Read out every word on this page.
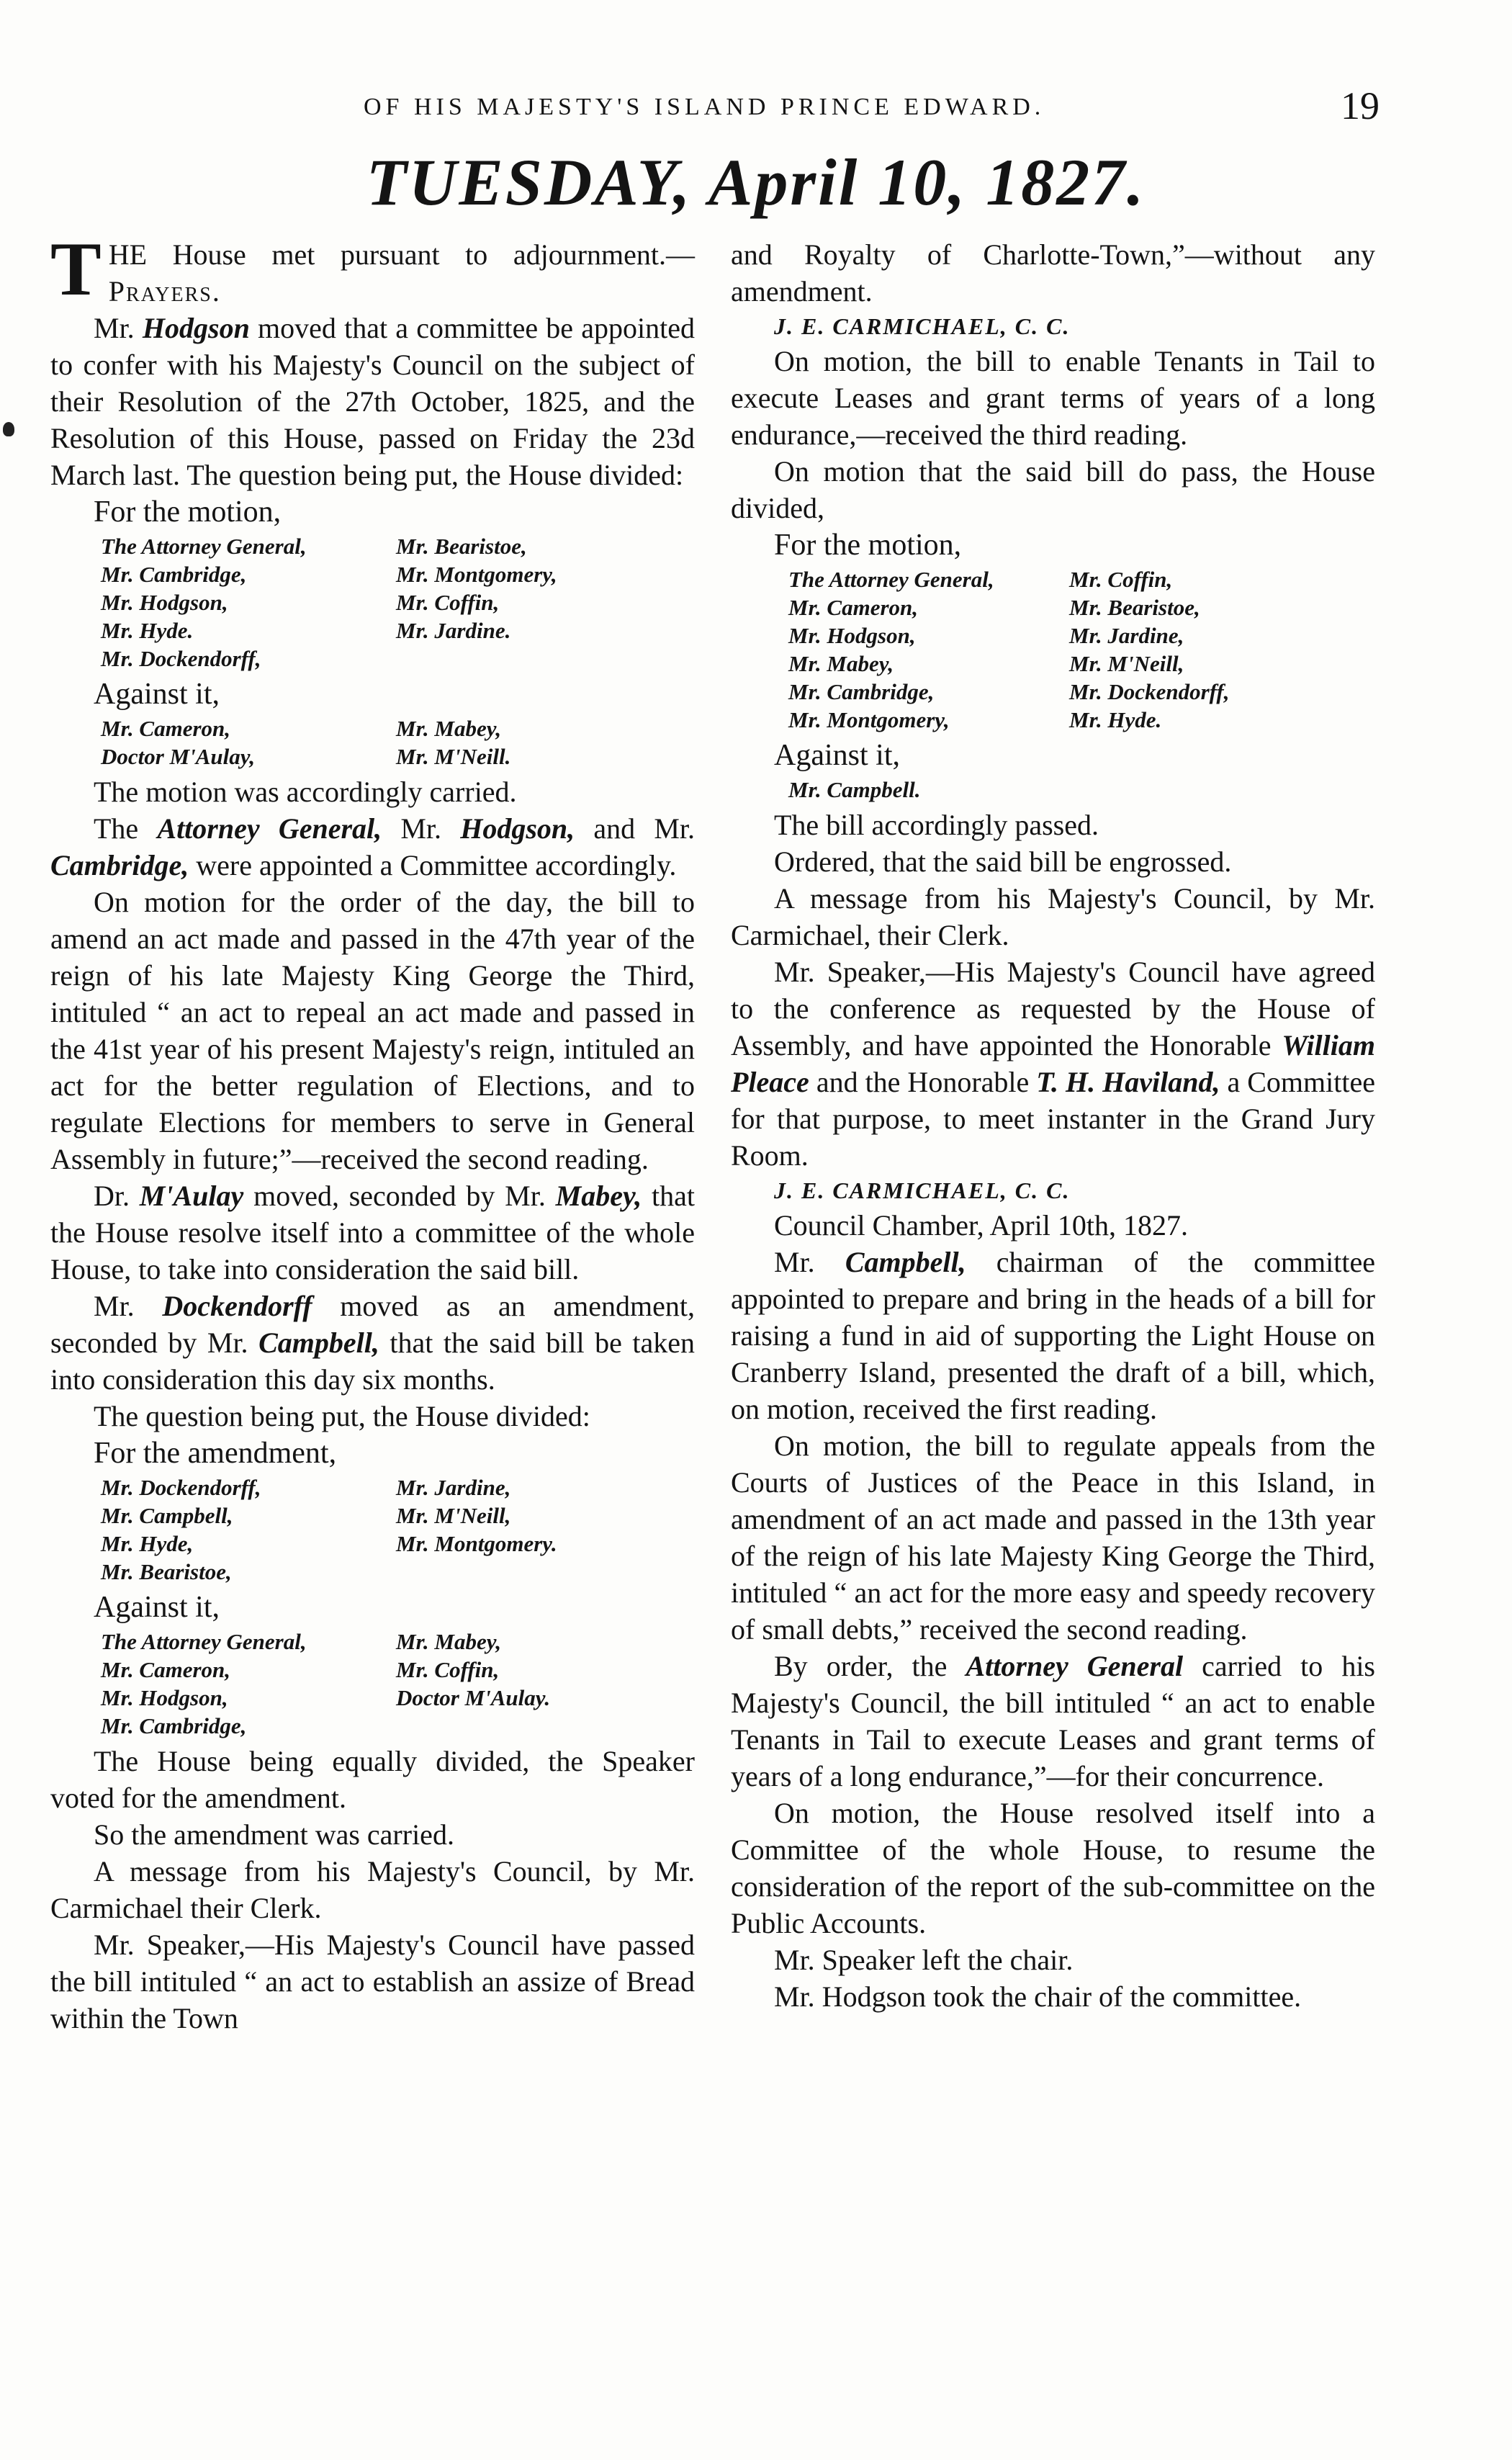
OF HIS MAJESTY'S ISLAND PRINCE EDWARD.	19
TUESDAY, April 10, 1827.

THE House met pursuant to adjournment.—Prayers.

Mr. Hodgson moved that a committee be appointed to confer with his Majesty's Council on the subject of their Resolution of the 27th October, 1825, and the Resolution of this House, passed on Friday the 23d March last. The question being put, the House divided:

For the motion,

The Attorney General,	Mr. Bearistoe,
Mr. Cambridge,	Mr. Montgomery,
Mr. Hodgson,	Mr. Coffin,
Mr. Hyde.	Mr. Jardine.
Mr. Dockendorff,

Against it,

Mr. Cameron,	Mr. Mabey,
Doctor M'Aulay,	Mr. M'Neill.

The motion was accordingly carried.

The Attorney General, Mr. Hodgson, and Mr. Cambridge, were appointed a Committee accordingly.

On motion for the order of the day, the bill to amend an act made and passed in the 47th year of the reign of his late Majesty King George the Third, intituled “ an act to repeal an act made and passed in the 41st year of his present Majesty's reign, intituled an act for the better regulation of Elections, and to regulate Elections for members to serve in General Assembly in future;”—received the second reading.

Dr. M'Aulay moved, seconded by Mr. Mabey, that the House resolve itself into a committee of the whole House, to take into consideration the said bill.

Mr. Dockendorff moved as an amendment, seconded by Mr. Campbell, that the said bill be taken into consideration this day six months.

The question being put, the House divided:

For the amendment,

Mr. Dockendorff,	Mr. Jardine,
Mr. Campbell,	Mr. M'Neill,
Mr. Hyde,	Mr. Montgomery.
Mr. Bearistoe,

Against it,

The Attorney General,	Mr. Mabey,
Mr. Cameron,	Mr. Coffin,
Mr. Hodgson,	Doctor M'Aulay.
Mr. Cambridge,

The House being equally divided, the Speaker voted for the amendment.

So the amendment was carried.

A message from his Majesty's Council, by Mr. Carmichael their Clerk.

Mr. Speaker,—His Majesty's Council have passed the bill intituled “ an act to establish an assize of Bread within the Town

and Royalty of Charlotte-Town,”—without any amendment.

J. E. CARMICHAEL, C. C.

On motion, the bill to enable Tenants in Tail to execute Leases and grant terms of years of a long endurance,—received the third reading.

On motion that the said bill do pass, the House divided,

For the motion,

The Attorney General,	Mr. Coffin,
Mr. Cameron,	Mr. Bearistoe,
Mr. Hodgson,	Mr. Jardine,
Mr. Mabey,	Mr. M'Neill,
Mr. Cambridge,	Mr. Dockendorff,
Mr. Montgomery,	Mr. Hyde.

Against it,

Mr. Campbell.

The bill accordingly passed.

Ordered, that the said bill be engrossed.

A message from his Majesty's Council, by Mr. Carmichael, their Clerk.

Mr. Speaker,—His Majesty's Council have agreed to the conference as requested by the House of Assembly, and have appointed the Honorable William Pleace and the Honorable T. H. Haviland, a Committee for that purpose, to meet instanter in the Grand Jury Room.

J. E. CARMICHAEL, C. C.

Council Chamber, April 10th, 1827.

Mr. Campbell, chairman of the committee appointed to prepare and bring in the heads of a bill for raising a fund in aid of supporting the Light House on Cranberry Island, presented the draft of a bill, which, on motion, received the first reading.

On motion, the bill to regulate appeals from the Courts of Justices of the Peace in this Island, in amendment of an act made and passed in the 13th year of the reign of his late Majesty King George the Third, intituled “ an act for the more easy and speedy recovery of small debts,” received the second reading.

By order, the Attorney General carried to his Majesty's Council, the bill intituled “ an act to enable Tenants in Tail to execute Leases and grant terms of years of a long endurance,”—for their concurrence.

On motion, the House resolved itself into a Committee of the whole House, to resume the consideration of the report of the sub-committee on the Public Accounts.

Mr. Speaker left the chair.

Mr. Hodgson took the chair of the committee.
